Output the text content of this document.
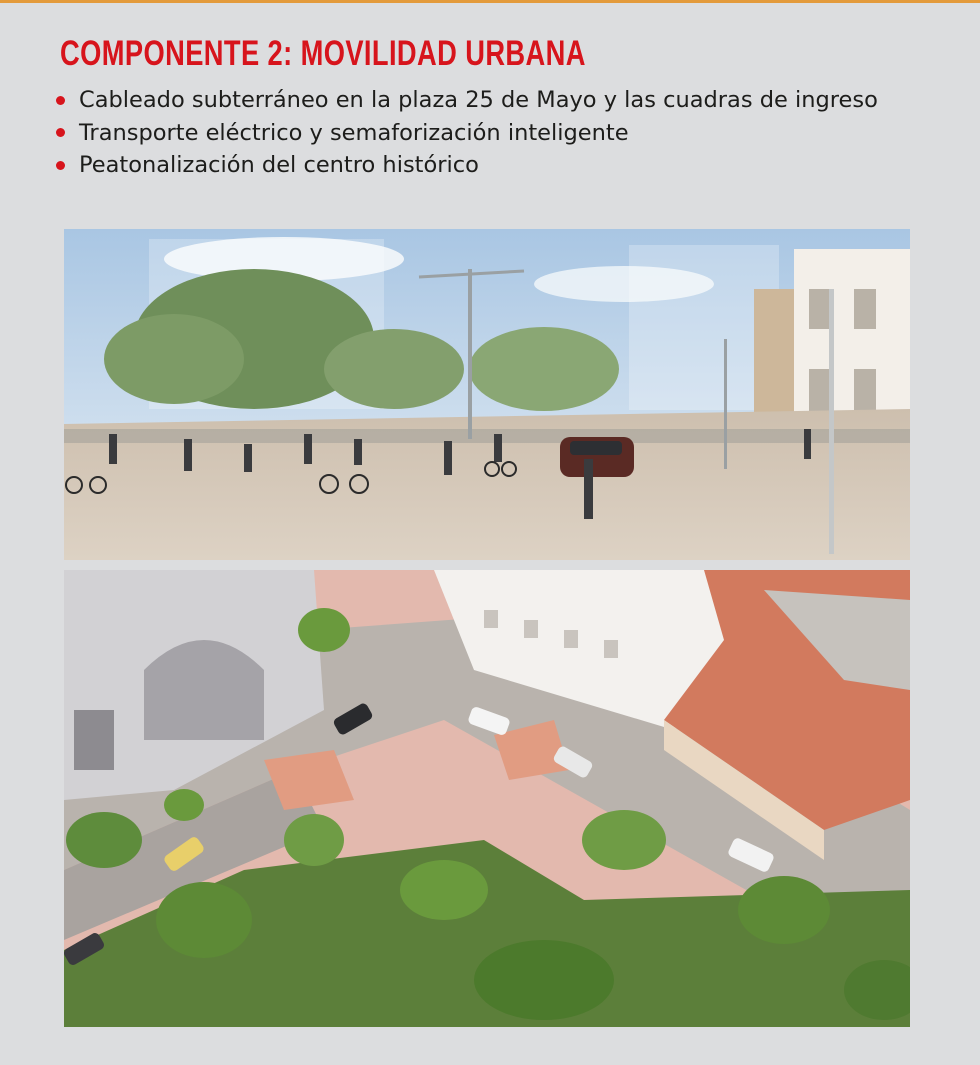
COMPONENTE 2: MOVILIDAD URBANA
Cableado subterráneo en la plaza 25 de Mayo y las cuadras de ingreso
Transporte eléctrico y semaforización inteligente
Peatonalización del centro histórico
